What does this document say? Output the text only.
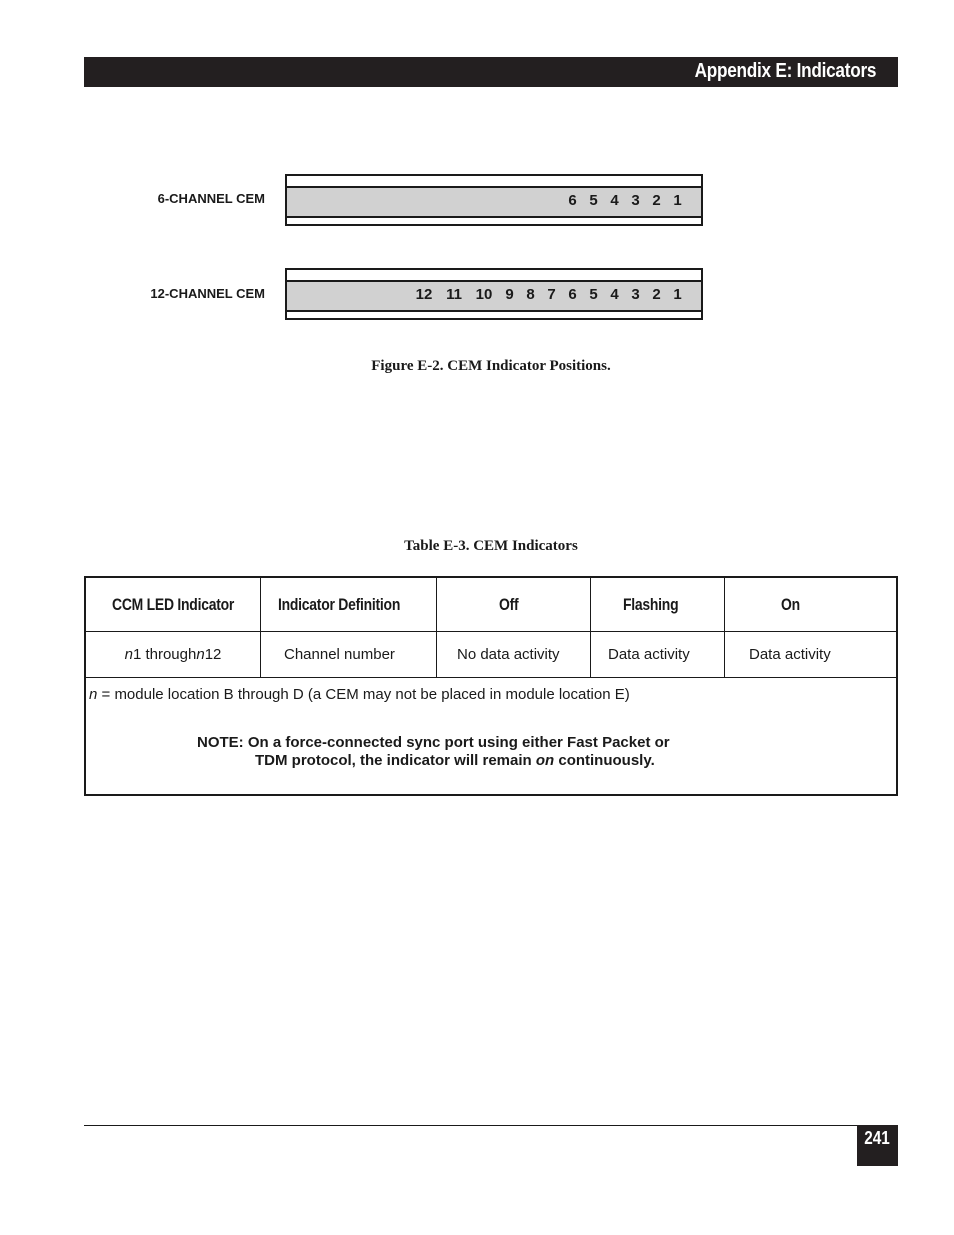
Appendix E: Indicators
6-CHANNEL CEM	6 5 4 3 2 1
12-CHANNEL CEM	12 11 10 9 8 7 6 5 4 3 2 1
Figure E-2. CEM Indicator Positions.
Table E-3. CEM Indicators
CCM LED Indicator	Indicator Definition	Off	Flashing	On
n 1 through n 12	Channel number	No data activity	Data activity	Data activity
n = module location B through D (a CEM may not be placed in module location E)
NOTE: On a force-connected sync port using either Fast Packet or
TDM protocol, the indicator will remain on continuously.
241
